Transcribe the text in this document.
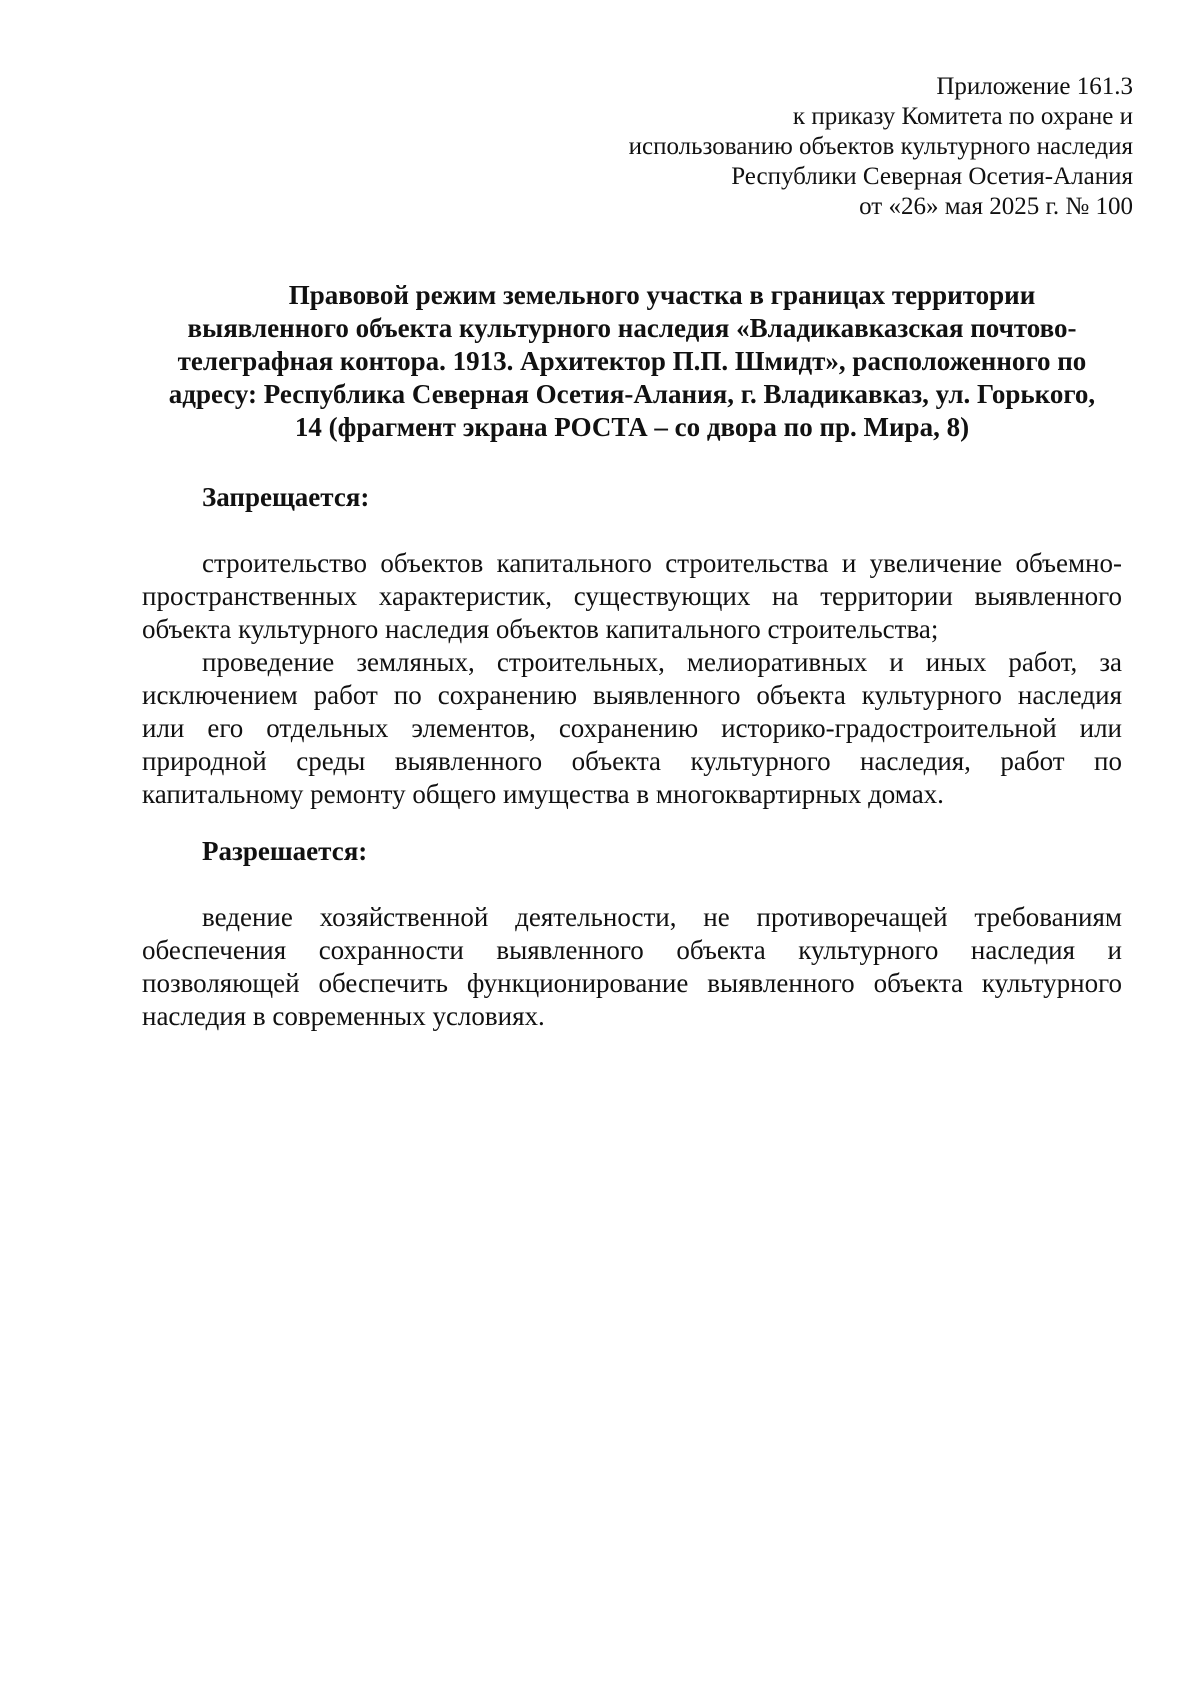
Приложение 161.3
к приказу Комитета по охране и
использованию объектов культурного наследия
Республики Северная Осетия-Алания
от «26» мая 2025 г. № 100
Правовой режим земельного участка в границах территории
выявленного объекта культурного наследия «Владикавказская почтово-
телеграфная контора. 1913. Архитектор П.П. Шмидт», расположенного по
адресу: Республика Северная Осетия-Алания, г. Владикавказ, ул. Горького,
14 (фрагмент экрана РОСТА – со двора по пр. Мира, 8)
Запрещается:
строительство объектов капитального строительства и увеличение объемно-
пространственных характеристик, существующих на территории выявленного
объекта культурного наследия объектов капитального строительства;
проведение земляных, строительных, мелиоративных и иных работ, за
исключением работ по сохранению выявленного объекта культурного наследия
или его отдельных элементов, сохранению историко-градостроительной или
природной среды выявленного объекта культурного наследия, работ по
капитальному ремонту общего имущества в многоквартирных домах.
Разрешается:
ведение хозяйственной деятельности, не противоречащей требованиям
обеспечения сохранности выявленного объекта культурного наследия и
позволяющей обеспечить функционирование выявленного объекта культурного
наследия в современных условиях.
